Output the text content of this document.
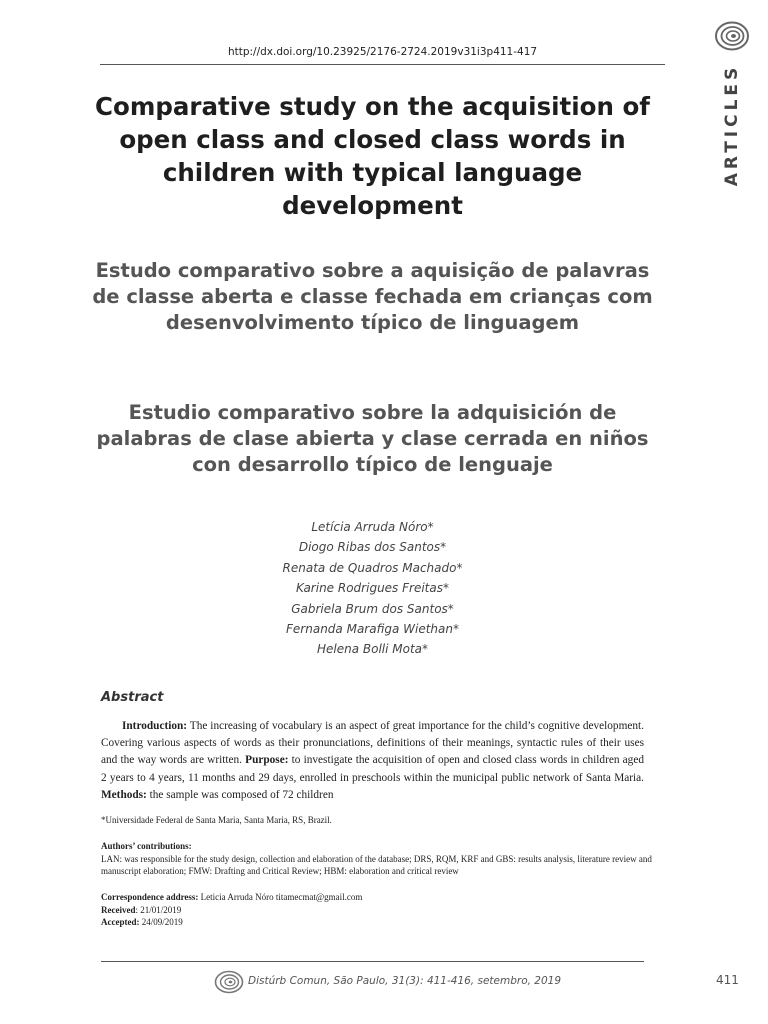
http://dx.doi.org/10.23925/2176-2724.2019v31i3p411-417
ARTICLES
Comparative study on the acquisition of open class and closed class words in children with typical language development
Estudo comparativo sobre a aquisição de palavras de classe aberta e classe fechada em crianças com desenvolvimento típico de linguagem
Estudio comparativo sobre la adquisición de palabras de clase abierta y clase cerrada en niños con desarrollo típico de lenguaje
Letícia Arruda Nóro*
Diogo Ribas dos Santos*
Renata de Quadros Machado*
Karine Rodrigues Freitas*
Gabriela Brum dos Santos*
Fernanda Marafiga Wiethan*
Helena Bolli Mota*
Abstract
Introduction: The increasing of vocabulary is an aspect of great importance for the child’s cognitive development. Covering various aspects of words as their pronunciations, definitions of their meanings, syntactic rules of their uses and the way words are written. Purpose: to investigate the acquisition of open and closed class words in children aged 2 years to 4 years, 11 months and 29 days, enrolled in preschools within the municipal public network of Santa Maria. Methods: the sample was composed of 72 children
*Universidade Federal de Santa Maria, Santa Maria, RS, Brazil.
Authors’ contributions:
LAN: was responsible for the study design, collection and elaboration of the database; DRS, RQM, KRF and GBS: results analysis, literature review and manuscript elaboration; FMW: Drafting and Critical Review; HBM: elaboration and critical review
Correspondence address: Leticia Arruda Nóro titamecmat@gmail.com
Received: 21/01/2019
Accepted: 24/09/2019
Distúrb Comun, São Paulo, 31(3): 411-416, setembro, 2019	411
